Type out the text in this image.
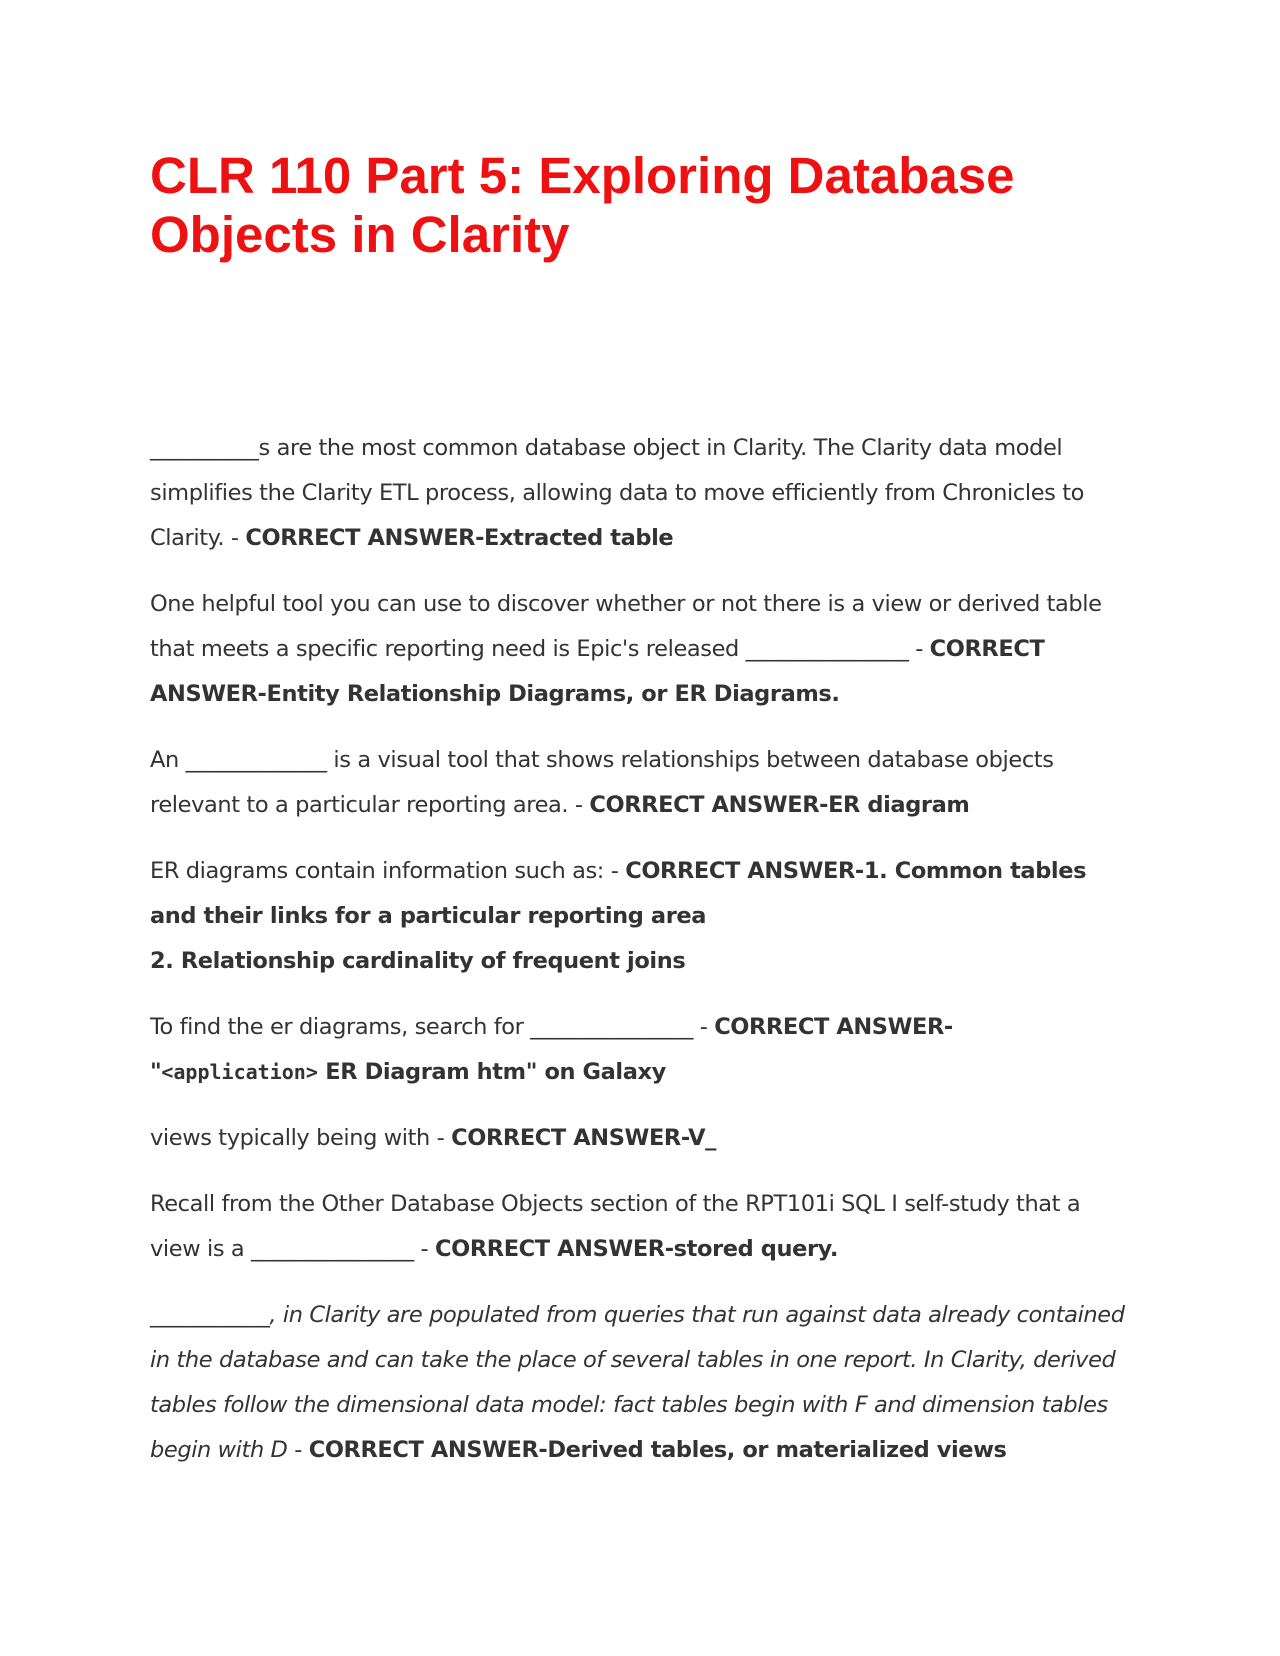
CLR 110 Part 5: Exploring Database Objects in Clarity

__________s are the most common database object in Clarity. The Clarity data model simplifies the Clarity ETL process, allowing data to move efficiently from Chronicles to Clarity. - CORRECT ANSWER-Extracted table

One helpful tool you can use to discover whether or not there is a view or derived table that meets a specific reporting need is Epic's released _______________ - CORRECT ANSWER-Entity Relationship Diagrams, or ER Diagrams.

An _____________ is a visual tool that shows relationships between database objects relevant to a particular reporting area. - CORRECT ANSWER-ER diagram

ER diagrams contain information such as: - CORRECT ANSWER-1. Common tables and their links for a particular reporting area
2. Relationship cardinality of frequent joins

To find the er diagrams, search for _______________ - CORRECT ANSWER-
"<application> ER Diagram htm" on Galaxy

views typically being with - CORRECT ANSWER-V_

Recall from the Other Database Objects section of the RPT101i SQL I self-study that a view is a _______________ - CORRECT ANSWER-stored query.

___________, in Clarity are populated from queries that run against data already contained in the database and can take the place of several tables in one report. In Clarity, derived tables follow the dimensional data model: fact tables begin with F and dimension tables begin with D - CORRECT ANSWER-Derived tables, or materialized views
